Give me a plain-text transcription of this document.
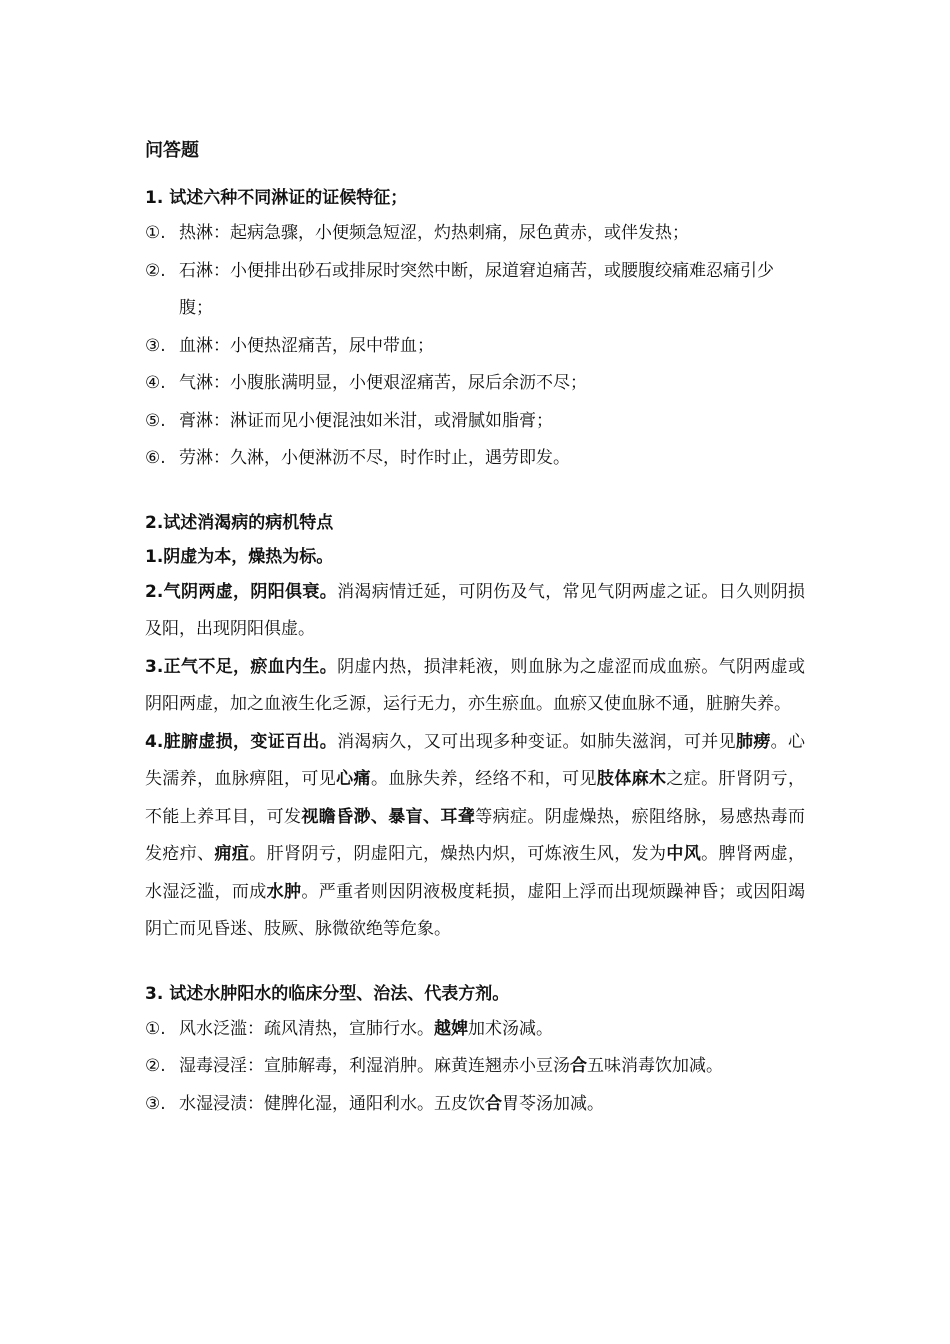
问答题
1. 试述六种不同淋证的证候特征；
①. 热淋：起病急骤，小便频急短涩，灼热刺痛，尿色黄赤，或伴发热；
②. 石淋：小便排出砂石或排尿时突然中断，尿道窘迫痛苦，或腰腹绞痛难忍痛引少腹；
③. 血淋：小便热涩痛苦，尿中带血；
④. 气淋：小腹胀满明显，小便艰涩痛苦，尿后余沥不尽；
⑤. 膏淋：淋证而见小便混浊如米泔，或滑腻如脂膏；
⑥. 劳淋：久淋，小便淋沥不尽，时作时止，遇劳即发。
2.试述消渴病的病机特点
1.阴虚为本，燥热为标。
2.气阴两虚，阴阳俱衰。消渴病情迁延，可阴伤及气，常见气阴两虚之证。日久则阴损及阳，出现阴阳俱虚。
3.正气不足，瘀血内生。阴虚内热，损津耗液，则血脉为之虚涩而成血瘀。气阴两虚或阴阳两虚，加之血液生化乏源，运行无力，亦生瘀血。血瘀又使血脉不通，脏腑失养。
4.脏腑虚损，变证百出。消渴病久，又可出现多种变证。如肺失滋润，可并见肺痨。心失濡养，血脉痹阻，可见心痛。血脉失养，经络不和，可见肢体麻木之症。肝肾阴亏，不能上养耳目，可发视瞻昏渺、暴盲、耳聋等病症。阴虚燥热，瘀阻络脉，易感热毒而发疮疖、痈疽。肝肾阴亏，阴虚阳亢，燥热内炽，可炼液生风，发为中风。脾肾两虚，水湿泛滥，而成水肿。严重者则因阴液极度耗损，虚阳上浮而出现烦躁神昏；或因阳竭阴亡而见昏迷、肢厥、脉微欲绝等危象。
3. 试述水肿阳水的临床分型、治法、代表方剂。
①. 风水泛滥：疏风清热，宣肺行水。越婢加术汤减。
②. 湿毒浸淫：宣肺解毒，利湿消肿。麻黄连翘赤小豆汤合五味消毒饮加减。
③. 水湿浸渍：健脾化湿，通阳利水。五皮饮合胃苓汤加减。
